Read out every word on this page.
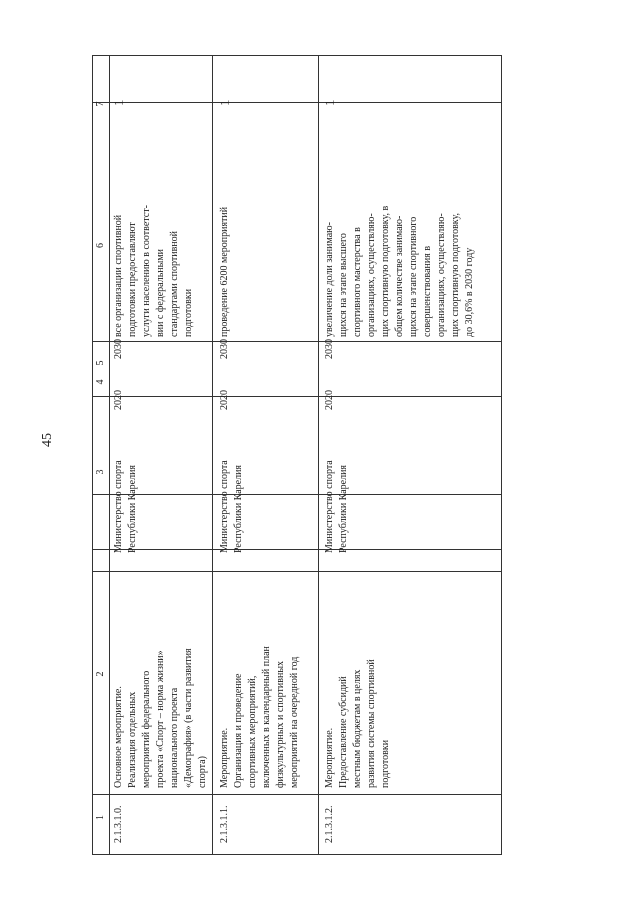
45
1
2
3
4
5
6
7
2.1.3.1.0.
Основное мероприятие. Реализация отдельных мероприятий федерального проекта «Спорт – норма жизни» национального проекта «Демография» (в части развития спорта)
Министерство спорта Республики Карелия
2020
2030
все организации спортивной подготовки предоставляют услуги населению в соответст- вии с федеральными стандартами спортивной подготовки
1
2.1.3.1.1.
Мероприятие. Организация и проведение спортивных мероприятий, включенных в календарный план физкультурных и спортивных мероприятий на очередной год
Министерство спорта Республики Карелия
2020
2030
проведение 6200 мероприятий
1
2.1.3.1.2.
Мероприятие. Предоставление субсидий местным бюджетам в целях развития системы спортивной подготовки
Министерство спорта Республики Карелия
2020
2030
увеличение доли занимаю- щихся на этапе высшего спортивного мастерства в организациях, осуществляю- щих спортивную подготовку, в общем количестве занимаю- щихся на этапе спортивного совершенствования в организациях, осуществляю- щих спортивную подготовку, до 30,6% в 2030 году
1
